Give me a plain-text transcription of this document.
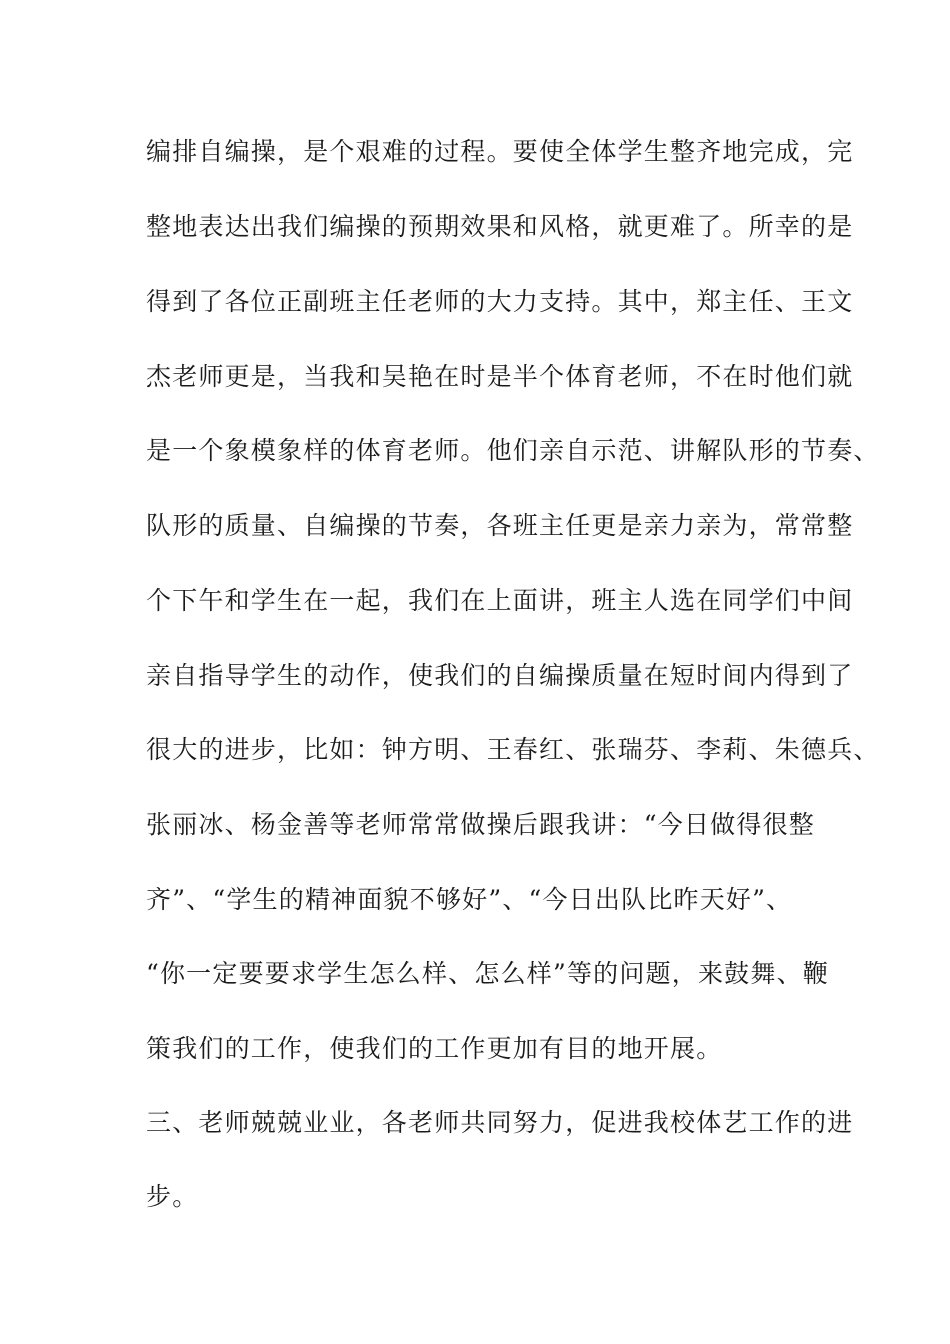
编排自编操，是个艰难的过程。要使全体学生整齐地完成，完
整地表达出我们编操的预期效果和风格，就更难了。所幸的是
得到了各位正副班主任老师的大力支持。其中，郑主任、王文
杰老师更是，当我和吴艳在时是半个体育老师，不在时他们就
是一个象模象样的体育老师。他们亲自示范、讲解队形的节奏、
队形的质量、自编操的节奏，各班主任更是亲力亲为，常常整
个下午和学生在一起，我们在上面讲，班主人选在同学们中间
亲自指导学生的动作，使我们的自编操质量在短时间内得到了
很大的进步，比如：钟方明、王春红、张瑞芬、李莉、朱德兵、
张丽冰、杨金善等老师常常做操后跟我讲：“今日做得很整
齐”、“学生的精神面貌不够好”、“今日出队比昨天好”、
“你一定要要求学生怎么样、怎么样”等的问题，来鼓舞、鞭
策我们的工作，使我们的工作更加有目的地开展。
三、老师兢兢业业，各老师共同努力，促进我校体艺工作的进
步。
